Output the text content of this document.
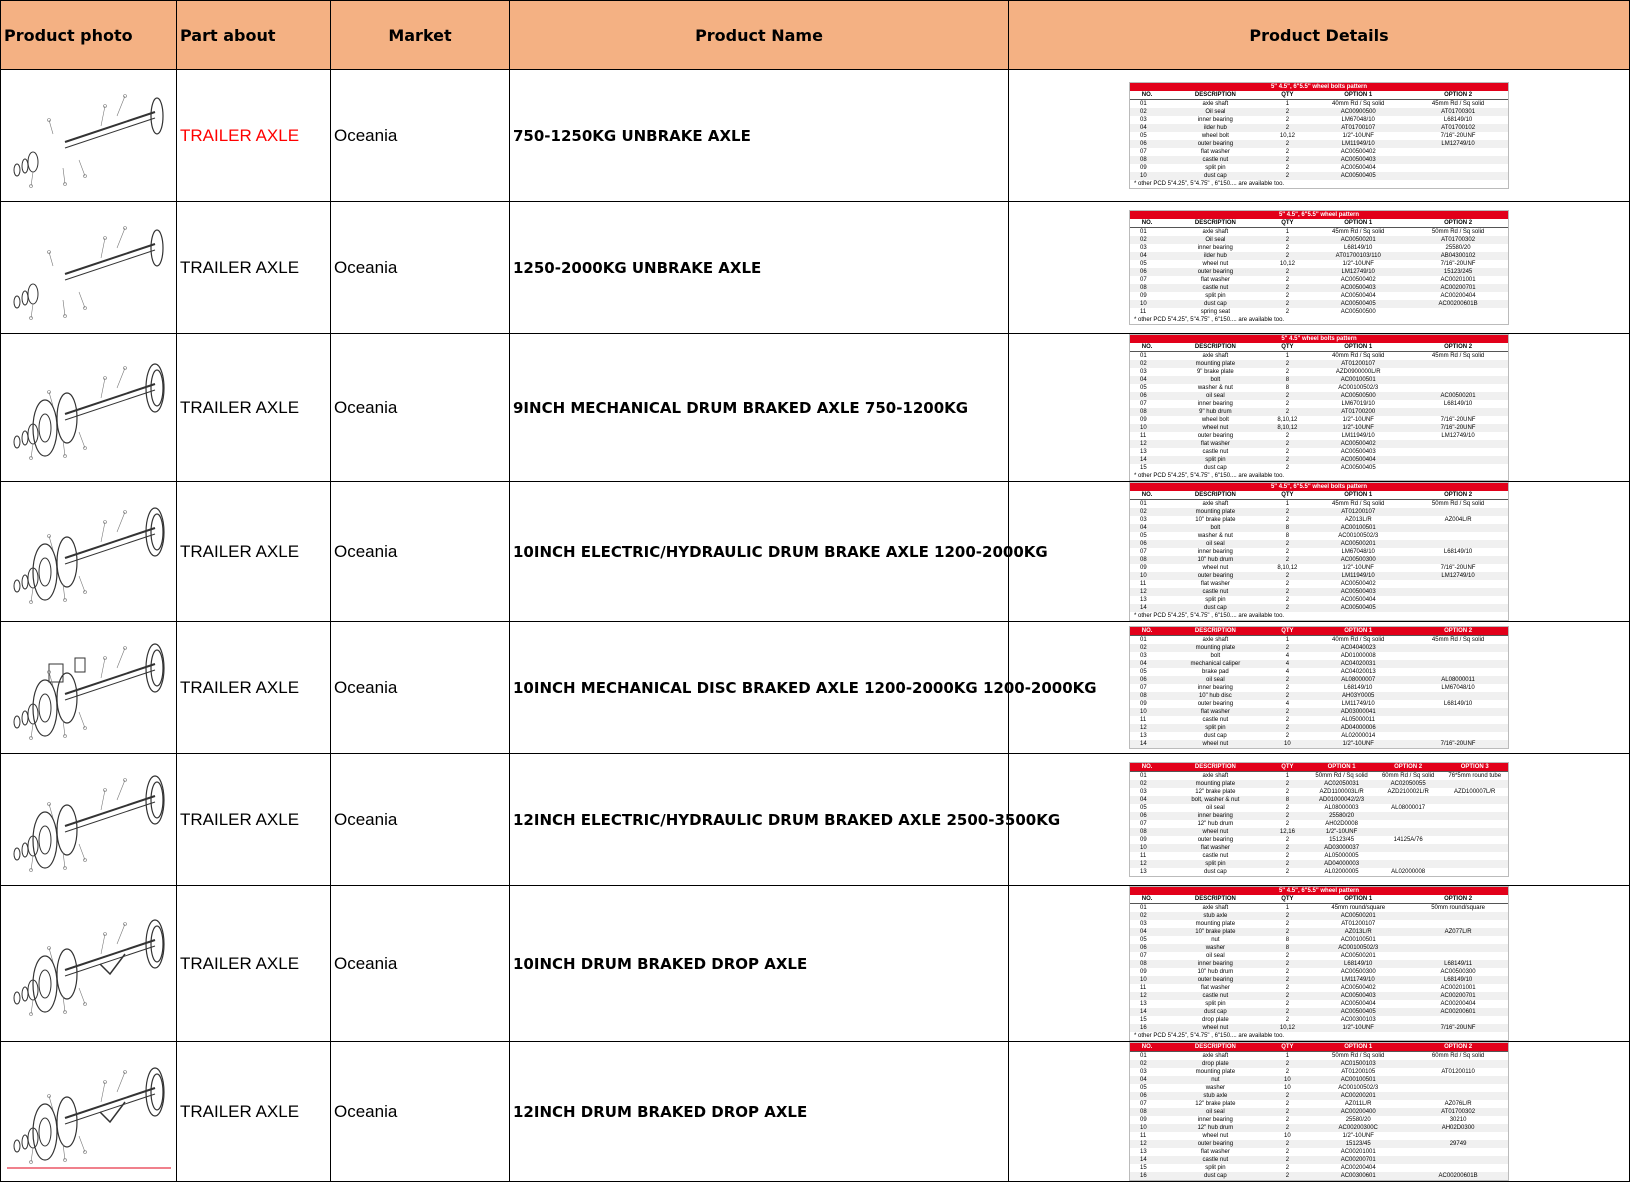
Product photo	Part about	Market	Product Name	Product Details

	TRAILER AXLE	Oceania	750-1250KG UNBRAKE AXLE	
5" 4.5", 6"5.5" wheel bolts pattern
NO.	DESCRIPTION	QTY	OPTION 1	OPTION 2
01	axle shaft	1	40mm Rd / Sq solid	45mm Rd / Sq solid
02	Oil seal	2	AC00900500	AT01700301
03	inner bearing	2	LM67048/10	L68149/10
04	ilder hub	2	AT01700107	AT01700102
05	wheel bolt	10,12	1/2"-10UNF	7/16"-20UNF
06	outer bearing	2	LM11949/10	LM12749/10
07	flat washer	2	AC00500402	
08	castle nut	2	AC00500403	
09	split pin	2	AC00500404	
10	dust cap	2	AC00500405	
* other PCD 5"4.25", 5"4.75" , 6"150.... are available too.

	TRAILER AXLE	Oceania	1250-2000KG UNBRAKE AXLE	
5" 4.5", 6"5.5" wheel pattern
NO.	DESCRIPTION	QTY	OPTION 1	OPTION 2
01	axle shaft	1	45mm Rd / Sq solid	50mm Rd / Sq solid
02	Oil seal	2	AC00500201	AT01700302
03	inner bearing	2	L68149/10	25580/20
04	ilder hub	2	AT01700103/110	AB04300102
05	wheel nut	10,12	1/2"-10UNF	7/16"-20UNF
06	outer bearing	2	LM12749/10	15123/245
07	flat washer	2	AC00500402	AC00201001
08	castle nut	2	AC00500403	AC00200701
09	split pin	2	AC00500404	AC00200404
10	dust cap	2	AC00500405	AC00200601B
11	spring seat	2	AC00500500	
* other PCD 5"4.25", 5"4.75" , 6"150.... are available too.

	TRAILER AXLE	Oceania	9INCH MECHANICAL DRUM BRAKED AXLE 750-1200KG	
5" 4.5" wheel bolts pattern
NO.	DESCRIPTION	QTY	OPTION 1	OPTION 2
01	axle shaft	1	40mm Rd / Sq solid	45mm Rd / Sq solid
02	mounting plate	2	AT01200107	
03	9" brake plate	2	AZD0900000L/R	
04	bolt	8	AC00100501	
05	washer & nut	8	AC00100502/3	
06	oil seal	2	AC00500500	AC00500201
07	inner bearing	2	LM67019/10	L68149/10
08	9" hub drum	2	AT01700200	
09	wheel bolt	8,10,12	1/2"-10UNF	7/16"-20UNF
10	wheel nut	8,10,12	1/2"-10UNF	7/16"-20UNF
11	outer bearing	2	LM11949/10	LM12749/10
12	flat washer	2	AC00500402	
13	castle nut	2	AC00500403	
14	split pin	2	AC00500404	
15	dust cap	2	AC00500405	
* other PCD 5"4.25", 5"4.75" , 6"150.... are available too.

	TRAILER AXLE	Oceania	10INCH ELECTRIC/HYDRAULIC DRUM BRAKE AXLE 1200-2000KG	
5" 4.5", 6"5.5" wheel bolts pattern
NO.	DESCRIPTION	QTY	OPTION 1	OPTION 2
01	axle shaft	1	45mm Rd / Sq solid	50mm Rd / Sq solid
02	mounting plate	2	AT01200107	
03	10" brake plate	2	AZ013L/R	AZ004L/R
04	bolt	8	AC00100501	
05	washer & nut	8	AC00100502/3	
06	oil seal	2	AC00500201	
07	inner bearing	2	LM67048/10	L68149/10
08	10" hub drum	2	AC00500300	
09	wheel nut	8,10,12	1/2"-10UNF	7/16"-20UNF
10	outer bearing	2	LM11949/10	LM12749/10
11	flat washer	2	AC00500402	
12	castle nut	2	AC00500403	
13	split pin	2	AC00500404	
14	dust cap	2	AC00500405	
* other PCD 5"4.25", 5"4.75" , 6"150.... are available too.

	TRAILER AXLE	Oceania	10INCH MECHANICAL DISC BRAKED AXLE 1200-2000KG 1200-2000KG	
NO.	DESCRIPTION	QTY	OPTION 1	OPTION 2
01	axle shaft	1	40mm Rd / Sq solid	45mm Rd / Sq solid
02	mounting plate	2	AC04040023	
03	bolt	4	AD01000008	
04	mechanical caliper	4	AC04020031	
05	brake pad	4	AC04020013	
06	oil seal	2	AL08000007	AL08000011
07	inner bearing	2	L68149/10	LM67048/10
08	10" hub disc	2	AH03Y0005	
09	outer bearing	4	LM11749/10	L68149/10
10	flat washer	2	AD03000041	
11	castle nut	2	AL05000011	
12	split pin	2	AD04000006	
13	dust cap	2	AL02000014	
14	wheel nut	10	1/2"-10UNF	7/16"-20UNF

	TRAILER AXLE	Oceania	12INCH ELECTRIC/HYDRAULIC DRUM BRAKED AXLE 2500-3500KG	
NO.	DESCRIPTION	QTY	OPTION 1	OPTION 2	OPTION 3
01	axle shaft	1	50mm Rd / Sq solid	60mm Rd / Sq solid	76*5mm round tube
02	mounting plate	2	AC02050031	AC02050055	
03	12" brake plate	2	AZD1100003L/R	AZD210002L/R	AZD100007L/R
04	bolt, washer & nut	8	AD01000042/2/3		
05	oil seal	2	AL08000003	AL08000017	
06	inner bearing	2	25580/20		
07	12" hub drum	2	AH02D0008		
08	wheel nut	12,16	1/2"-10UNF		
09	outer bearing	2	15123/45	14125A/76	
10	flat washer	2	AD03000037		
11	castle nut	2	AL05000005		
12	split pin	2	AD04000003		
13	dust cap	2	AL02000005	AL02000008	

	TRAILER AXLE	Oceania	10INCH DRUM BRAKED DROP AXLE	
5" 4.5", 6"5.5" wheel pattern
NO.	DESCRIPTION	QTY	OPTION 1	OPTION 2
01	axle shaft	1	45mm round/square	50mm round/square
02	stub axle	2	AC00500201	
03	mounting plate	2	AT01200107	
04	10" brake plate	2	AZ013L/R	AZ077L/R
05	nut	8	AC00100501	
06	washer	8	AC00100502/3	
07	oil seal	2	AC00500201	
08	inner bearing	2	L68149/10	L68149/11
09	10" hub drum	2	AC00500300	AC00500300
10	outer bearing	2	LM11749/10	L68149/10
11	flat washer	2	AC00500402	AC00201001
12	castle nut	2	AC00500403	AC00200701
13	split pin	2	AC00500404	AC00200404
14	dust cap	2	AC00500405	AC00200601
15	drop plate	2	AC00300103	
16	wheel nut	10,12	1/2"-10UNF	7/16"-20UNF
* other PCD 5"4.25", 5"4.75" , 6"150.... are available too.

	TRAILER AXLE	Oceania	12INCH DRUM BRAKED DROP AXLE	
NO.	DESCRIPTION	QTY	OPTION 1	OPTION 2
01	axle shaft	1	50mm Rd / Sq solid	60mm Rd / Sq solid
02	drop plate	2	AC01500103	
03	mounting plate	2	AT01200105	AT01200110
04	nut	10	AC00100501	
05	washer	10	AC00100502/3	
06	stub axle	2	AC00200201	
07	12" brake plate	2	AZ011L/R	AZ076L/R
08	oil seal	2	AC00200400	AT01700302
09	inner bearing	2	25580/20	30210
10	12" hub drum	2	AC00200300C	AH02D0300
11	wheel nut	10	1/2"-10UNF	
12	outer bearing	2	15123/45	29749
13	flat washer	2	AC00201001	
14	castle nut	2	AC00200701	
15	split pin	2	AC00200404	
16	dust cap	2	AC00300601	AC00200601B
